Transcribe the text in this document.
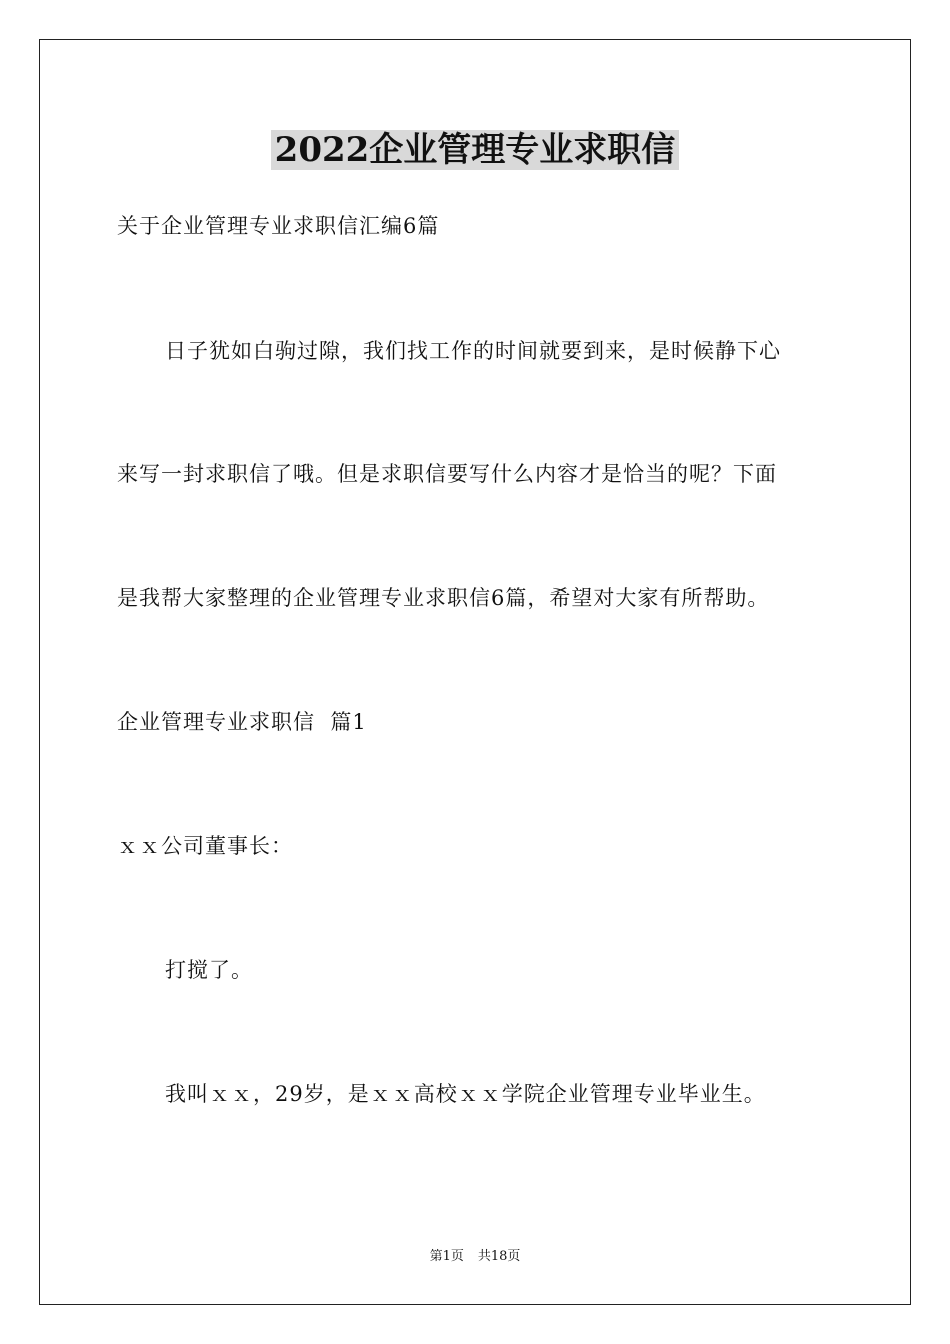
2022企业管理专业求职信
关于企业管理专业求职信汇编6篇
日子犹如白驹过隙，我们找工作的时间就要到来，是时候静下心
来写一封求职信了哦。但是求职信要写什么内容才是恰当的呢？下面
是我帮大家整理的企业管理专业求职信6篇，希望对大家有所帮助。
企业管理专业求职信  篇1
ｘｘ公司董事长：
打搅了。
我叫ｘｘ，29岁，是ｘｘ高校ｘｘ学院企业管理专业毕业生。
第1页 共18页
